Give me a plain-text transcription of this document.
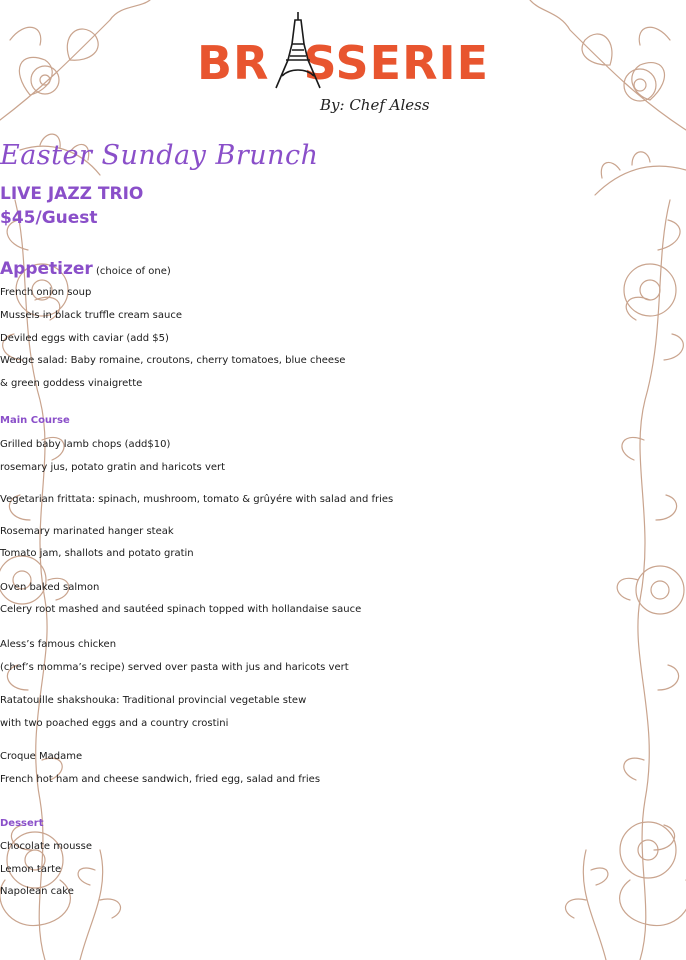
BR SSERIE
By: Chef Aless
Easter Sunday Brunch
LIVE JAZZ TRIO
$45/Guest
Appetizer (choice of one)
French onion soup
Mussels in black truffle cream sauce
Deviled eggs with caviar (add $5)
Wedge salad: Baby romaine, croutons, cherry tomatoes, blue cheese
& green goddess vinaigrette
Main Course
Grilled baby lamb chops (add$10)
rosemary jus, potato gratin and haricots vert
Vegetarian frittata: spinach, mushroom, tomato & grûyére with salad and fries
Rosemary marinated hanger steak
Tomato jam, shallots and potato gratin
Oven baked salmon
Celery root mashed and sautéed spinach topped with hollandaise sauce
Aless’s famous chicken
(chef’s momma’s recipe) served over pasta with jus and haricots vert
Ratatouille shakshouka: Traditional provincial vegetable stew
with two poached eggs and a country crostini
Croque Madame
French hot ham and cheese sandwich, fried egg, salad and fries
Dessert
Chocolate mousse
Lemon tarte
Napolean cake
